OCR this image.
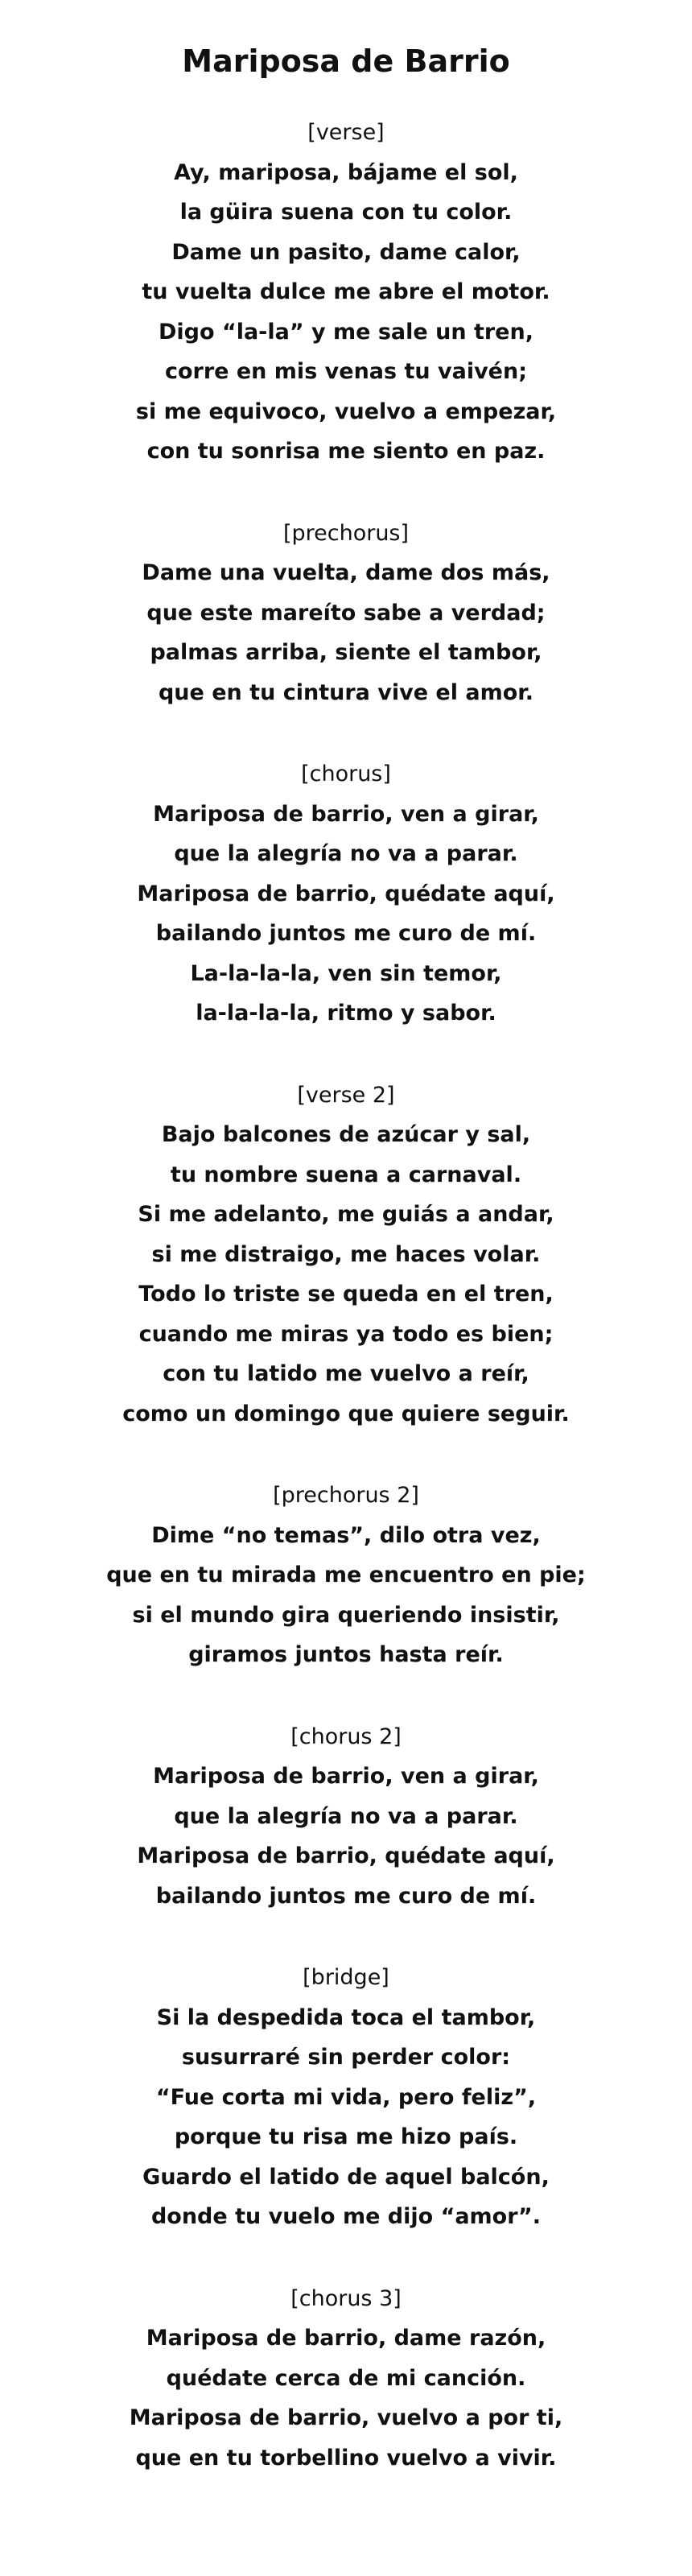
Mariposa de Barrio
[verse]
Ay, mariposa, bájame el sol,
la güira suena con tu color.
Dame un pasito, dame calor,
tu vuelta dulce me abre el motor.
Digo “la-la” y me sale un tren,
corre en mis venas tu vaivén;
si me equivoco, vuelvo a empezar,
con tu sonrisa me siento en paz.
[prechorus]
Dame una vuelta, dame dos más,
que este mareíto sabe a verdad;
palmas arriba, siente el tambor,
que en tu cintura vive el amor.
[chorus]
Mariposa de barrio, ven a girar,
que la alegría no va a parar.
Mariposa de barrio, quédate aquí,
bailando juntos me curo de mí.
La-la-la-la, ven sin temor,
la-la-la-la, ritmo y sabor.
[verse 2]
Bajo balcones de azúcar y sal,
tu nombre suena a carnaval.
Si me adelanto, me guiás a andar,
si me distraigo, me haces volar.
Todo lo triste se queda en el tren,
cuando me miras ya todo es bien;
con tu latido me vuelvo a reír,
como un domingo que quiere seguir.
[prechorus 2]
Dime “no temas”, dilo otra vez,
que en tu mirada me encuentro en pie;
si el mundo gira queriendo insistir,
giramos juntos hasta reír.
[chorus 2]
Mariposa de barrio, ven a girar,
que la alegría no va a parar.
Mariposa de barrio, quédate aquí,
bailando juntos me curo de mí.
[bridge]
Si la despedida toca el tambor,
susurraré sin perder color:
“Fue corta mi vida, pero feliz”,
porque tu risa me hizo país.
Guardo el latido de aquel balcón,
donde tu vuelo me dijo “amor”.
[chorus 3]
Mariposa de barrio, dame razón,
quédate cerca de mi canción.
Mariposa de barrio, vuelvo a por ti,
que en tu torbellino vuelvo a vivir.
